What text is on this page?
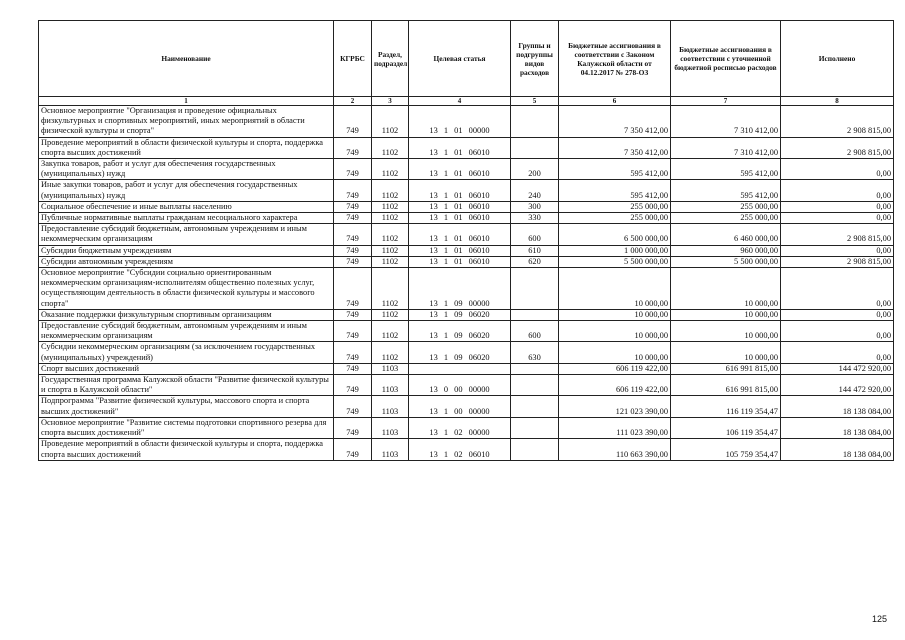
Наименование	КГРБС	Раздел, подраздел	Целевая статья	Группы и подгруппы видов расходов	Бюджетные ассигнования в соответствии с Законом Калужской области от 04.12.2017 № 278-ОЗ	Бюджетные ассигнования в соответствии с уточненной бюджетной росписью расходов	Исполнено
1	2	3	4	5	6	7	8
Основное мероприятие "Организация и проведение официальных физкультурных и спортивных мероприятий, иных мероприятий в области физической культуры и спорта"	749	1102	13 1 01 00000		7 350 412,00	7 310 412,00	2 908 815,00
Проведение мероприятий в области физической культуры и спорта, поддержка спорта высших достижений	749	1102	13 1 01 06010		7 350 412,00	7 310 412,00	2 908 815,00
Закупка товаров, работ и услуг для обеспечения государственных (муниципальных) нужд	749	1102	13 1 01 06010	200	595 412,00	595 412,00	0,00
Иные закупки товаров, работ и услуг для обеспечения государственных (муниципальных) нужд	749	1102	13 1 01 06010	240	595 412,00	595 412,00	0,00
Социальное обеспечение и иные выплаты населению	749	1102	13 1 01 06010	300	255 000,00	255 000,00	0,00
Публичные нормативные выплаты гражданам несоциального характера	749	1102	13 1 01 06010	330	255 000,00	255 000,00	0,00
Предоставление субсидий бюджетным, автономным учреждениям и иным некоммерческим организациям	749	1102	13 1 01 06010	600	6 500 000,00	6 460 000,00	2 908 815,00
Субсидии бюджетным учреждениям	749	1102	13 1 01 06010	610	1 000 000,00	960 000,00	0,00
Субсидии автономным учреждениям	749	1102	13 1 01 06010	620	5 500 000,00	5 500 000,00	2 908 815,00
Основное мероприятие "Субсидии социально ориентированным некоммерческим организациям-исполнителям общественно полезных услуг, осуществляющим деятельность в области физической культуры и массового спорта"	749	1102	13 1 09 00000		10 000,00	10 000,00	0,00
Оказание поддержки физкультурным спортивным организациям	749	1102	13 1 09 06020		10 000,00	10 000,00	0,00
Предоставление субсидий бюджетным, автономным учреждениям и иным некоммерческим организациям	749	1102	13 1 09 06020	600	10 000,00	10 000,00	0,00
Субсидии некоммерческим организациям (за исключением государственных (муниципальных) учреждений)	749	1102	13 1 09 06020	630	10 000,00	10 000,00	0,00
Спорт высших достижений	749	1103			606 119 422,00	616 991 815,00	144 472 920,00
Государственная программа Калужской области "Развитие физической культуры и спорта в Калужской области"	749	1103	13 0 00 00000		606 119 422,00	616 991 815,00	144 472 920,00
Подпрограмма "Развитие физической культуры, массового спорта и спорта высших достижений"	749	1103	13 1 00 00000		121 023 390,00	116 119 354,47	18 138 084,00
Основное мероприятие "Развитие системы подготовки спортивного резерва для спорта высших достижений"	749	1103	13 1 02 00000		111 023 390,00	106 119 354,47	18 138 084,00
Проведение мероприятий в области физической культуры и спорта, поддержка спорта высших достижений	749	1103	13 1 02 06010		110 663 390,00	105 759 354,47	18 138 084,00
125
